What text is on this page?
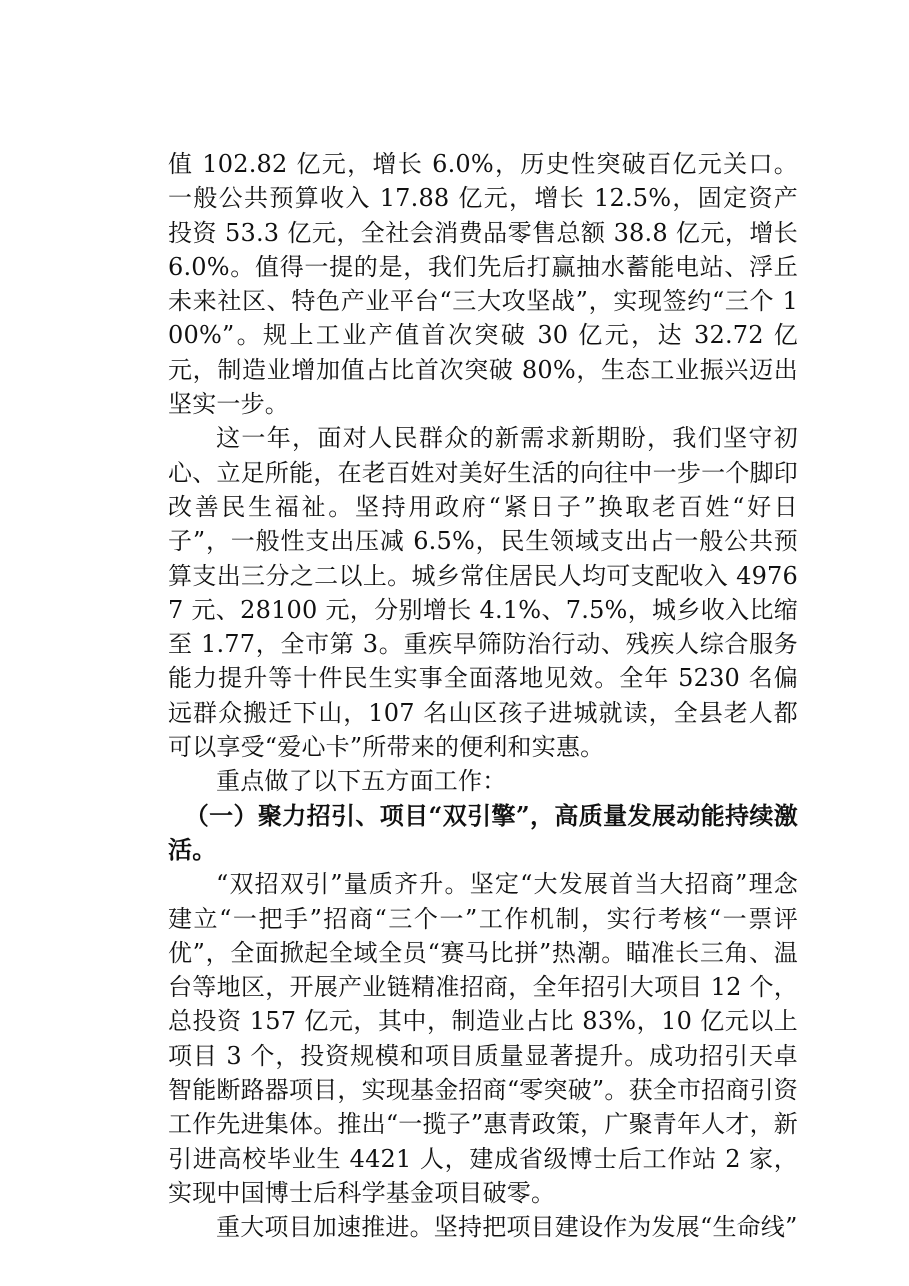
值 102.82 亿元，增长 6.0%，历史性突破百亿元关口。一般公共预算收入 17.88 亿元，增长 12.5%，固定资产投资 53.3 亿元，全社会消费品零售总额 38.8 亿元，增长 6.0%。值得一提的是，我们先后打赢抽水蓄能电站、浮丘未来社区、特色产业平台“三大攻坚战”，实现签约“三个 100%”。规上工业产值首次突破 30 亿元，达 32.72 亿元，制造业增加值占比首次突破 80%，生态工业振兴迈出坚实一步。

这一年，面对人民群众的新需求新期盼，我们坚守初心、立足所能，在老百姓对美好生活的向往中一步一个脚印改善民生福祉。坚持用政府“紧日子”换取老百姓“好日子”，一般性支出压减 6.5%，民生领域支出占一般公共预算支出三分之二以上。城乡常住居民人均可支配收入 49767 元、28100 元，分别增长 4.1%、7.5%，城乡收入比缩至 1.77，全市第 3。重疾早筛防治行动、残疾人综合服务能力提升等十件民生实事全面落地见效。全年 5230 名偏远群众搬迁下山，107 名山区孩子进城就读，全县老人都可以享受“爱心卡”所带来的便利和实惠。

重点做了以下五方面工作：

（一）聚力招引、项目“双引擎”，高质量发展动能持续激活。

“双招双引”量质齐升。坚定“大发展首当大招商”理念建立“一把手”招商“三个一”工作机制，实行考核“一票评优”，全面掀起全域全员“赛马比拼”热潮。瞄准长三角、温台等地区，开展产业链精准招商，全年招引大项目 12 个，总投资 157 亿元，其中，制造业占比 83%，10 亿元以上项目 3 个，投资规模和项目质量显著提升。成功招引天卓智能断路器项目，实现基金招商“零突破”。获全市招商引资工作先进集体。推出“一揽子”惠青政策，广聚青年人才，新引进高校毕业生 4421 人，建成省级博士后工作站 2 家，实现中国博士后科学基金项目破零。

重大项目加速推进。坚持把项目建设作为发展“生命线”
